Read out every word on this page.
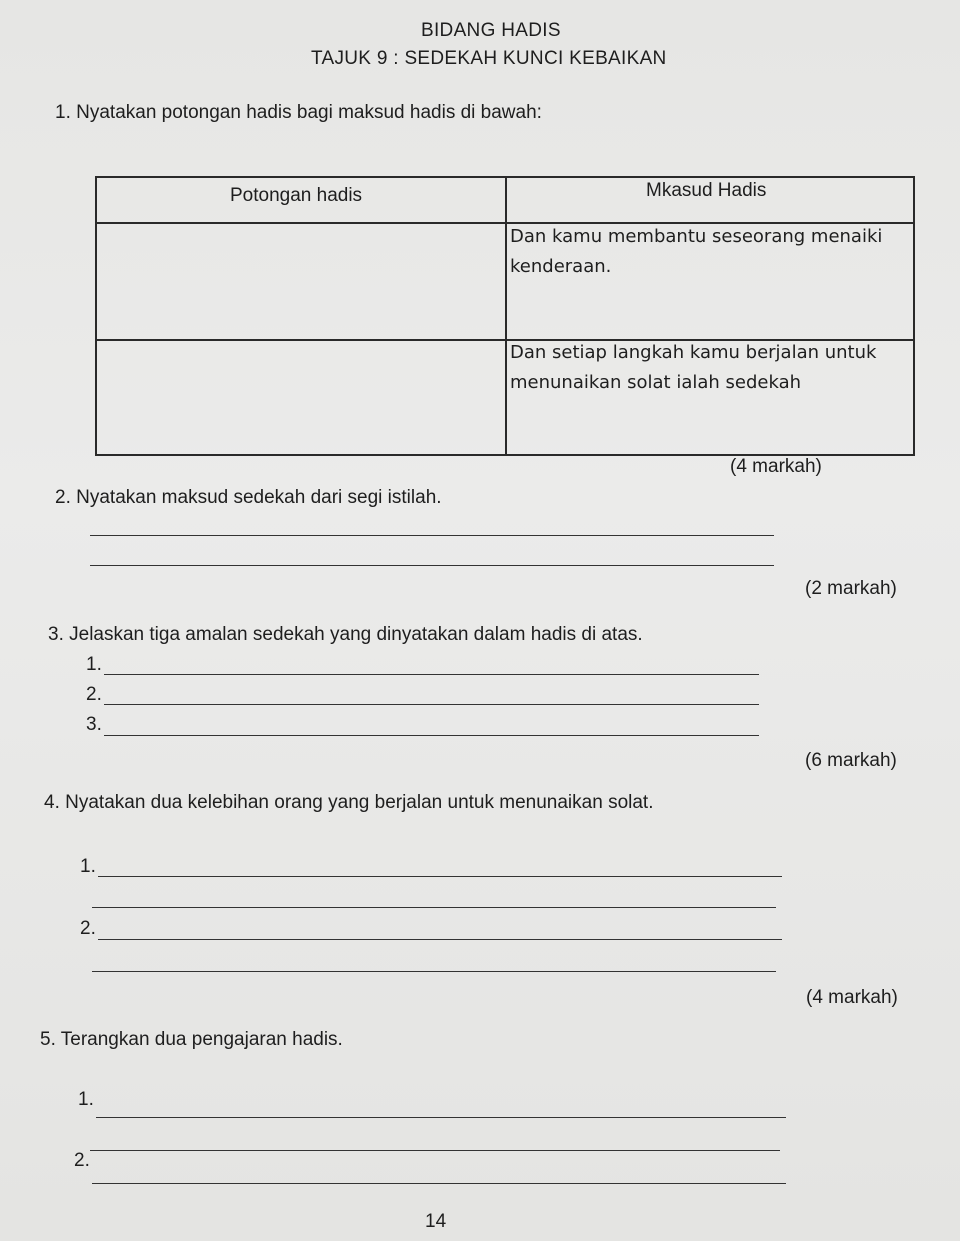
BIDANG HADIS
TAJUK 9 : SEDEKAH KUNCI KEBAIKAN
1. Nyatakan potongan hadis bagi maksud hadis di bawah:
Potongan hadis	Mkasud Hadis
Dan kamu membantu seseorang menaiki kenderaan.
Dan setiap langkah kamu berjalan untuk menunaikan solat ialah sedekah
(4 markah)
2. Nyatakan maksud sedekah dari segi istilah.
(2 markah)
3. Jelaskan tiga amalan sedekah yang dinyatakan dalam hadis di atas.
1.
2.
3.
(6 markah)
4. Nyatakan dua kelebihan orang yang berjalan untuk menunaikan solat.
1.
2.
(4 markah)
5. Terangkan dua pengajaran hadis.
1.
2.
14
